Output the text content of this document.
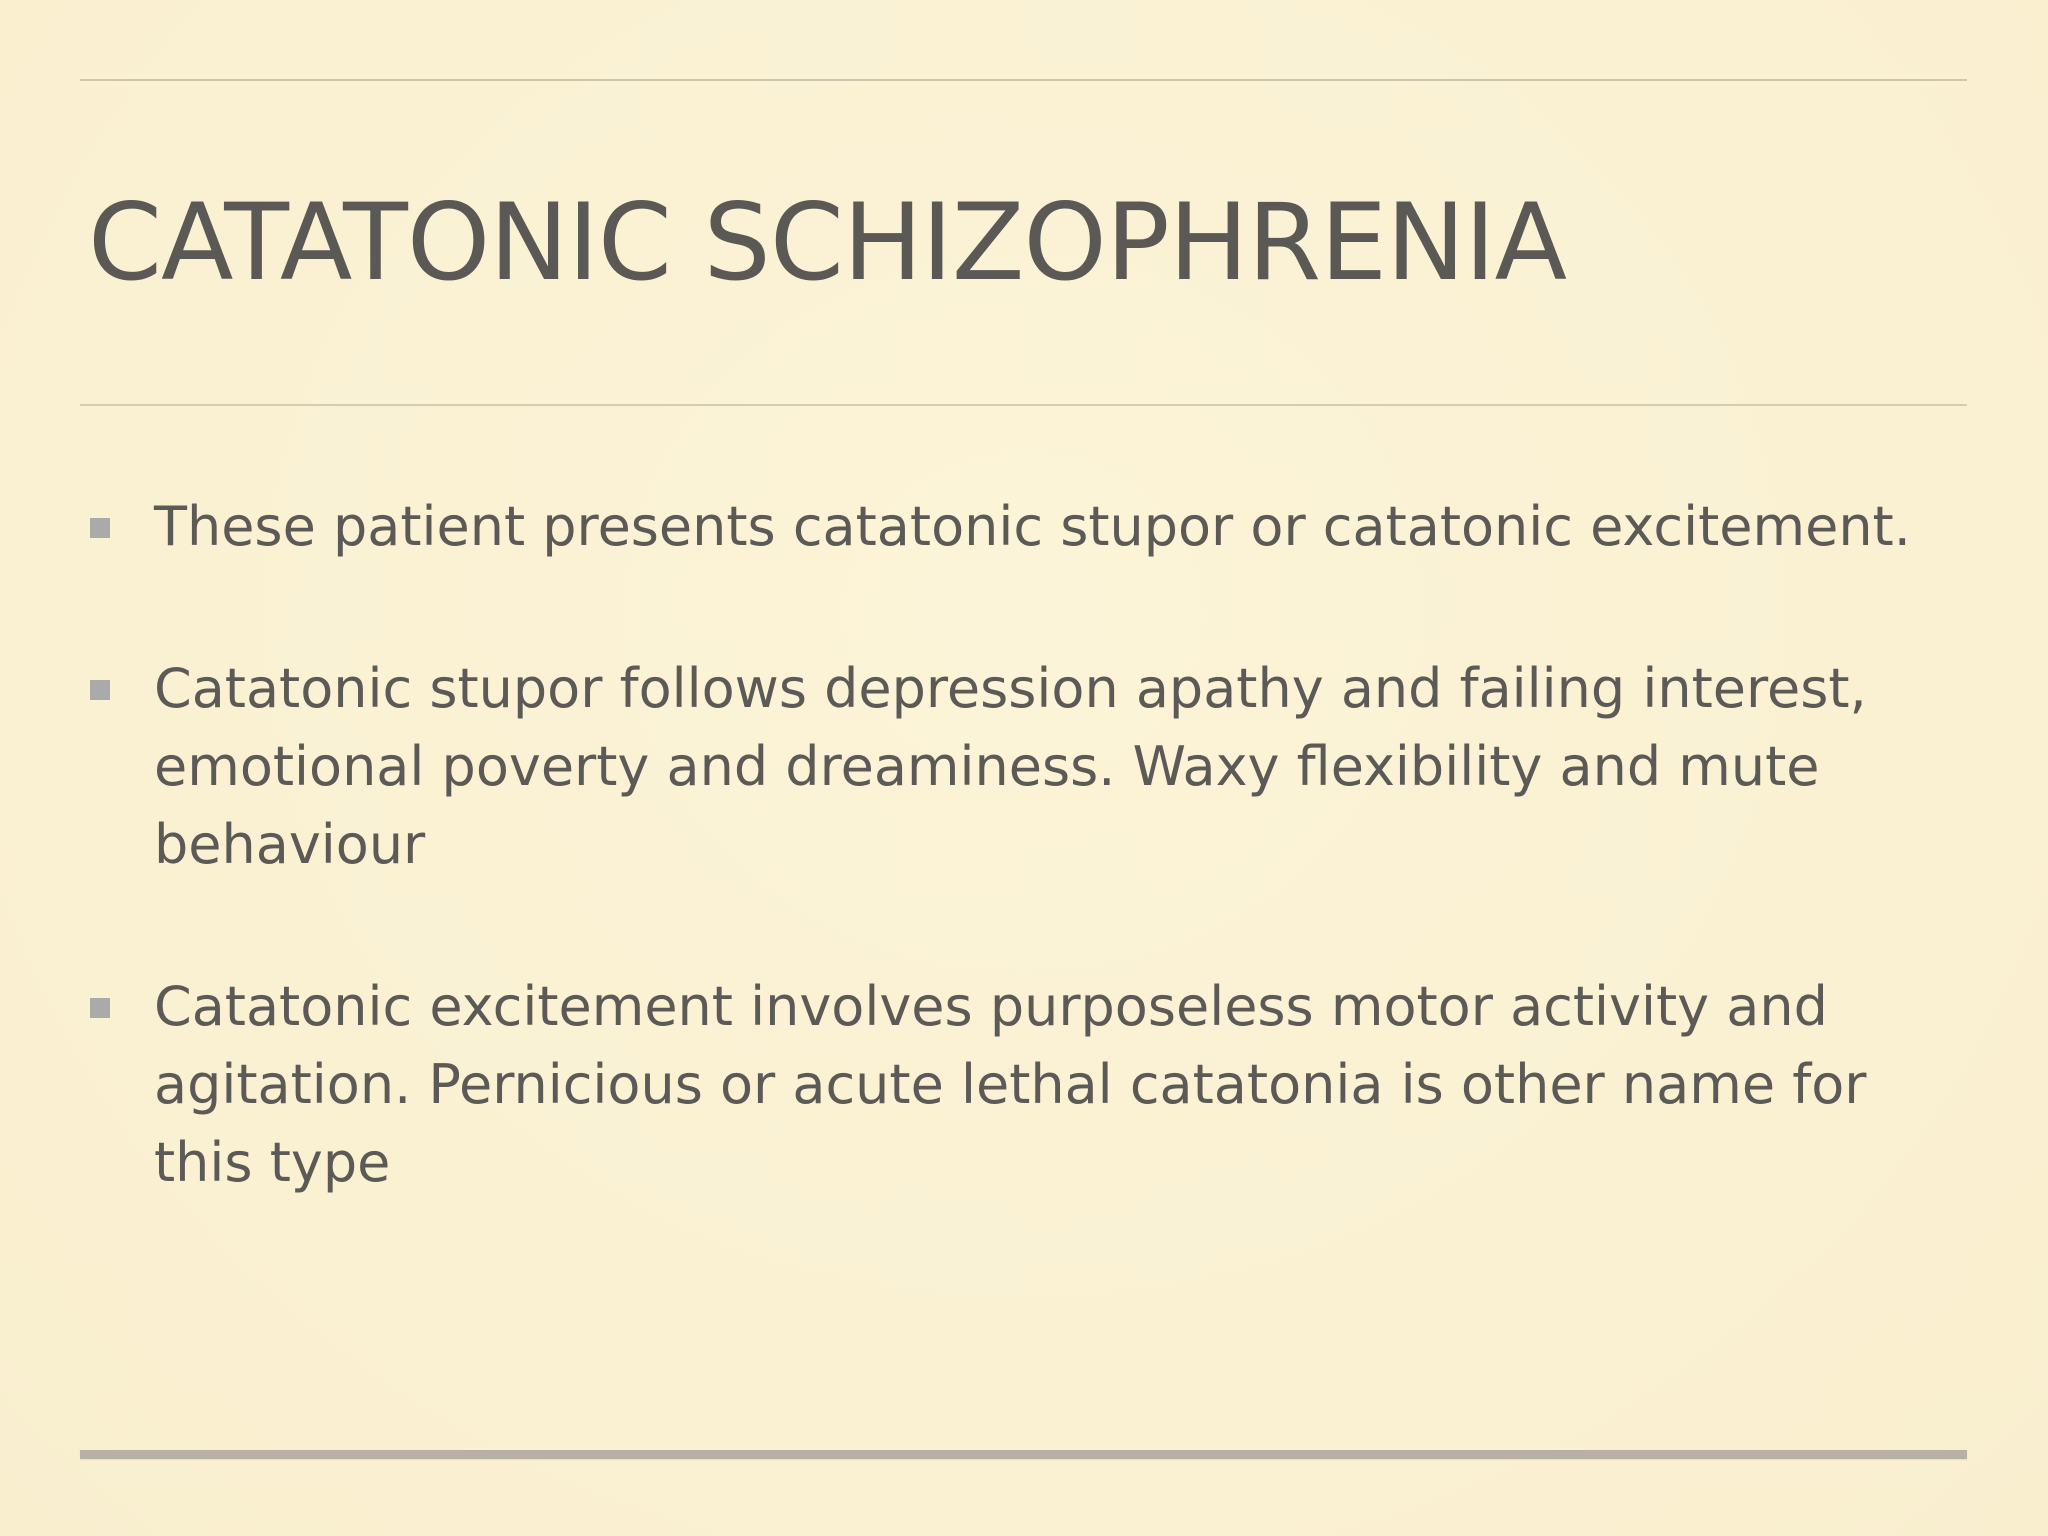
CATATONIC SCHIZOPHRENIA
These patient presents catatonic stupor or catatonic excitement.
Catatonic stupor follows depression apathy and failing interest, emotional poverty and dreaminess. Waxy flexibility and mute behaviour
Catatonic excitement involves purposeless motor activity and agitation. Pernicious or acute lethal catatonia is other name for this type
